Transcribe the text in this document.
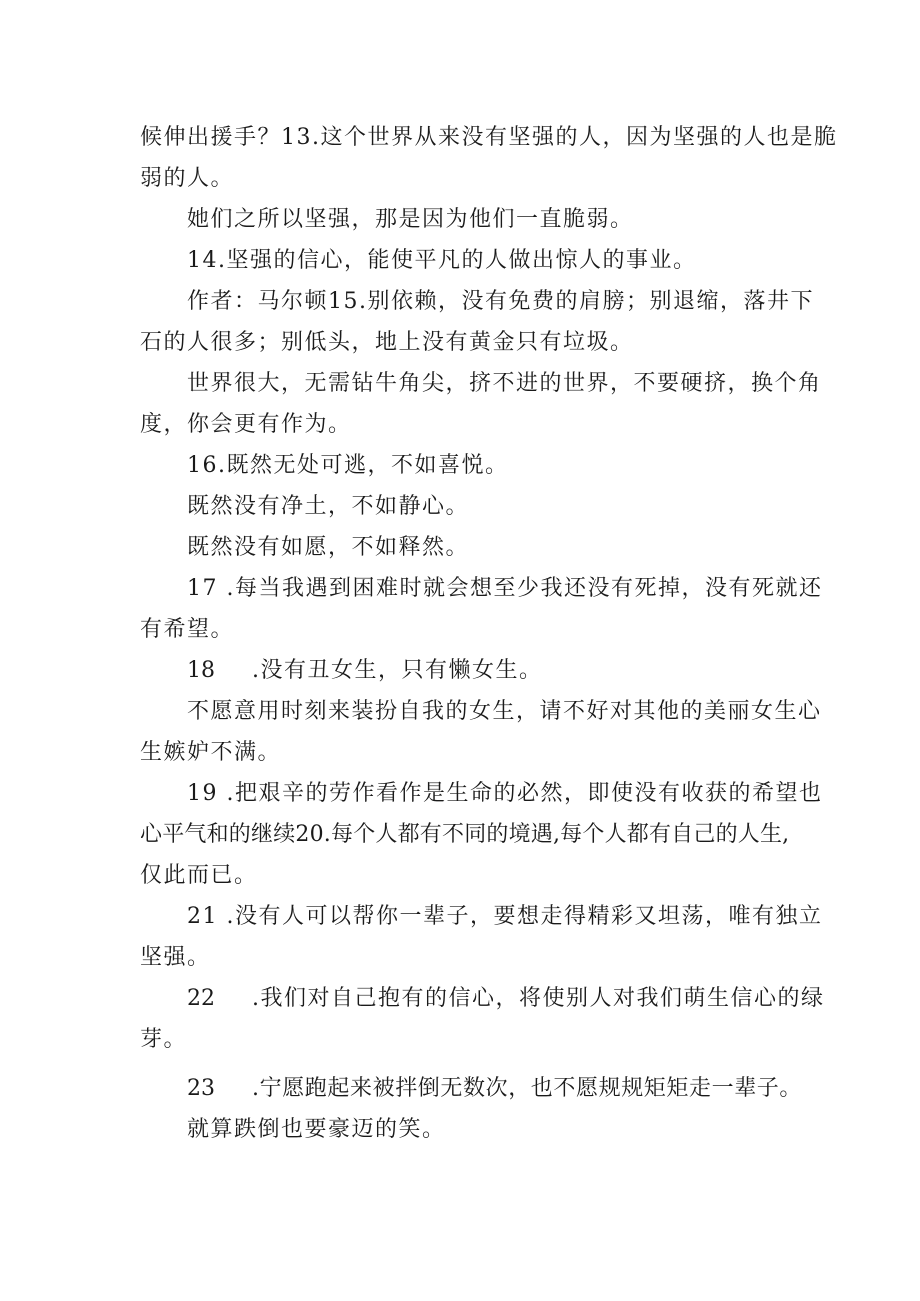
候伸出援手？13.这个世界从来没有坚强的人，因为坚强的人也是脆
弱的人。
她们之所以坚强，那是因为他们一直脆弱。
14.坚强的信心，能使平凡的人做出惊人的事业。
作者：马尔顿15.别依赖，没有免费的肩膀；别退缩，落井下
石的人很多；别低头，地上没有黄金只有垃圾。
世界很大，无需钻牛角尖，挤不进的世界，不要硬挤，换个角
度，你会更有作为。
16.既然无处可逃，不如喜悦。
既然没有净土，不如静心。
既然没有如愿，不如释然。
17 .每当我遇到困难时就会想至少我还没有死掉，没有死就还
有希望。
18 .没有丑女生，只有懒女生。
不愿意用时刻来装扮自我的女生，请不好对其他的美丽女生心
生嫉妒不满。
19 .把艰辛的劳作看作是生命的必然，即使没有收获的希望也
心平气和的继续20.每个人都有不同的境遇,每个人都有自己的人生,
仅此而已。
21 .没有人可以帮你一辈子，要想走得精彩又坦荡，唯有独立
坚强。
22 .我们对自己抱有的信心，将使别人对我们萌生信心的绿
芽。
23 .宁愿跑起来被拌倒无数次，也不愿规规矩矩走一辈子。
就算跌倒也要豪迈的笑。
